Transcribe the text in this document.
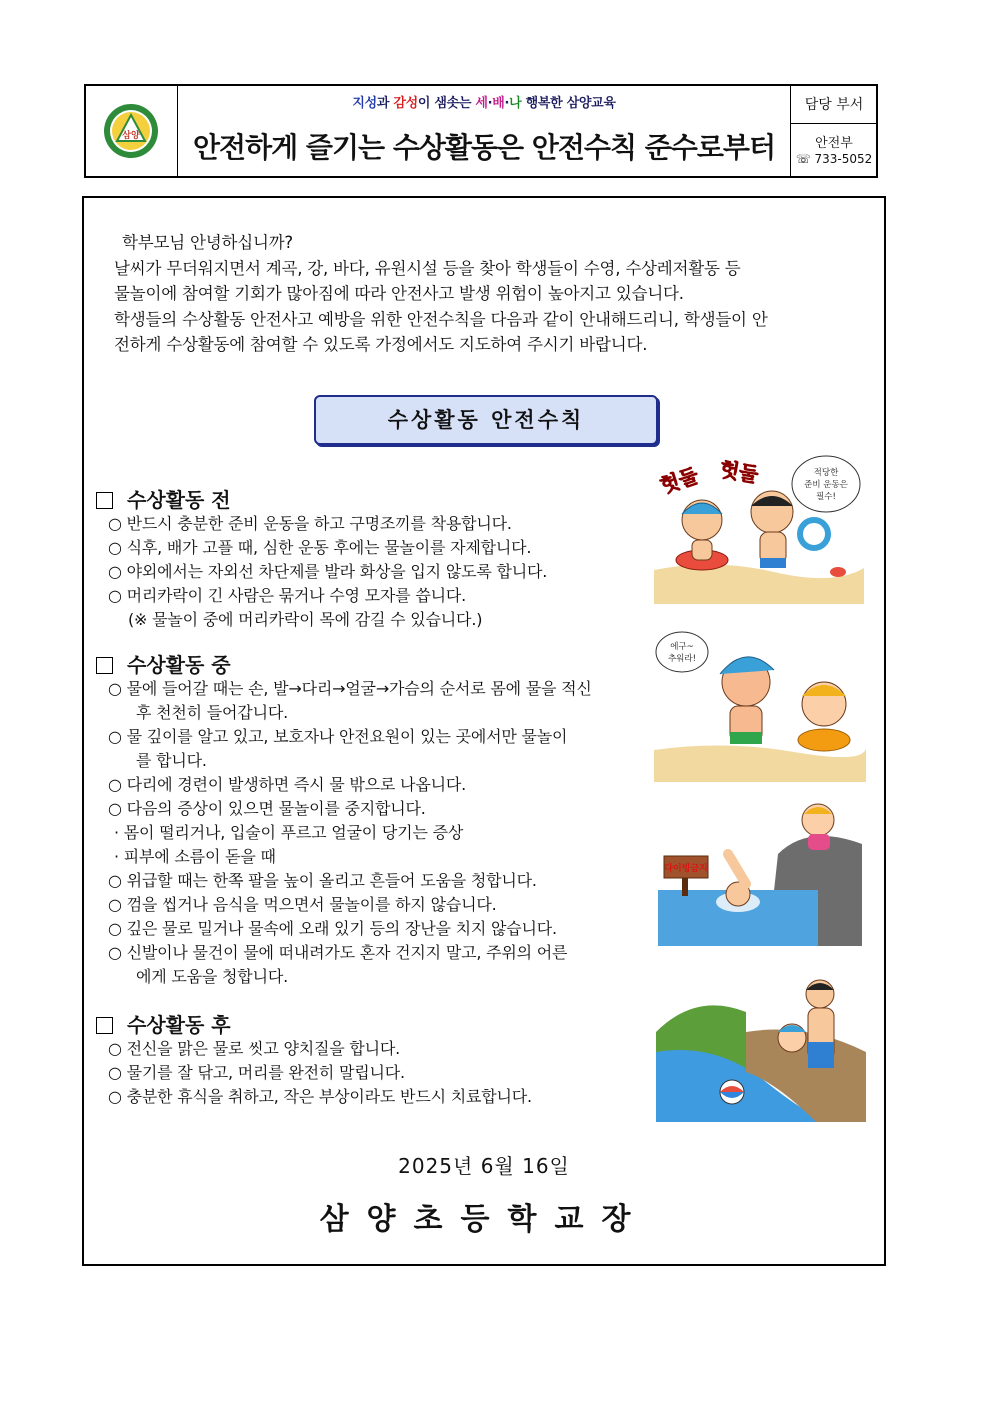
삼양
지성과 감성이 샘솟는 세·배·나 행복한 삼양교육
안전하게 즐기는 수상활동은 안전수칙 준수로부터
담당 부서
안전부
☏ 733-5052

학부모님 안녕하십니까?

날씨가 무더워지면서 계곡, 강, 바다, 유원시설 등을 찾아 학생들이 수영, 수상레저활동 등

물놀이에 참여할 기회가 많아짐에 따라 안전사고 발생 위험이 높아지고 있습니다.

학생들의 수상활동 안전사고 예방을 위한 안전수칙을 다음과 같이 안내해드리니, 학생들이 안

전하게 수상활동에 참여할 수 있도록 가정에서도 지도하여 주시기 바랍니다.

수상활동 안전수칙
수상활동 전
○ 반드시 충분한 준비 운동을 하고 구명조끼를 착용합니다.
○ 식후, 배가 고플 때, 심한 운동 후에는 물놀이를 자제합니다.
○ 야외에서는 자외선 차단제를 발라 화상을 입지 않도록 합니다.
○ 머리카락이 긴 사람은 묶거나 수영 모자를 씁니다.
(※ 물놀이 중에 머리카락이 목에 감길 수 있습니다.)
수상활동 중
○ 물에 들어갈 때는 손, 발→다리→얼굴→가슴의 순서로 몸에 물을 적신
후 천천히 들어갑니다.
○ 물 깊이를 알고 있고, 보호자나 안전요원이 있는 곳에서만 물놀이
를 합니다.
○ 다리에 경련이 발생하면 즉시 물 밖으로 나옵니다.
○ 다음의 증상이 있으면 물놀이를 중지합니다.
· 몸이 떨리거나, 입술이 푸르고 얼굴이 당기는 증상
· 피부에 소름이 돋을 때
○ 위급할 때는 한쪽 팔을 높이 올리고 흔들어 도움을 청합니다.
○ 껌을 씹거나 음식을 먹으면서 물놀이를 하지 않습니다.
○ 깊은 물로 밀거나 물속에 오래 있기 등의 장난을 치지 않습니다.
○ 신발이나 물건이 물에 떠내려가도 혼자 건지지 말고, 주위의 어른
에게 도움을 청합니다.
수상활동 후
○ 전신을 맑은 물로 씻고 양치질을 합니다.
○ 물기를 잘 닦고, 머리를 완전히 말립니다.
○ 충분한 휴식을 취하고, 작은 부상이라도 반드시 치료합니다.
2025년 6월 16일
삼양초등학교장
헛둘 헛둘	적당한
준비 운동은
필수!
에구~
추워라!
다이빙금지
